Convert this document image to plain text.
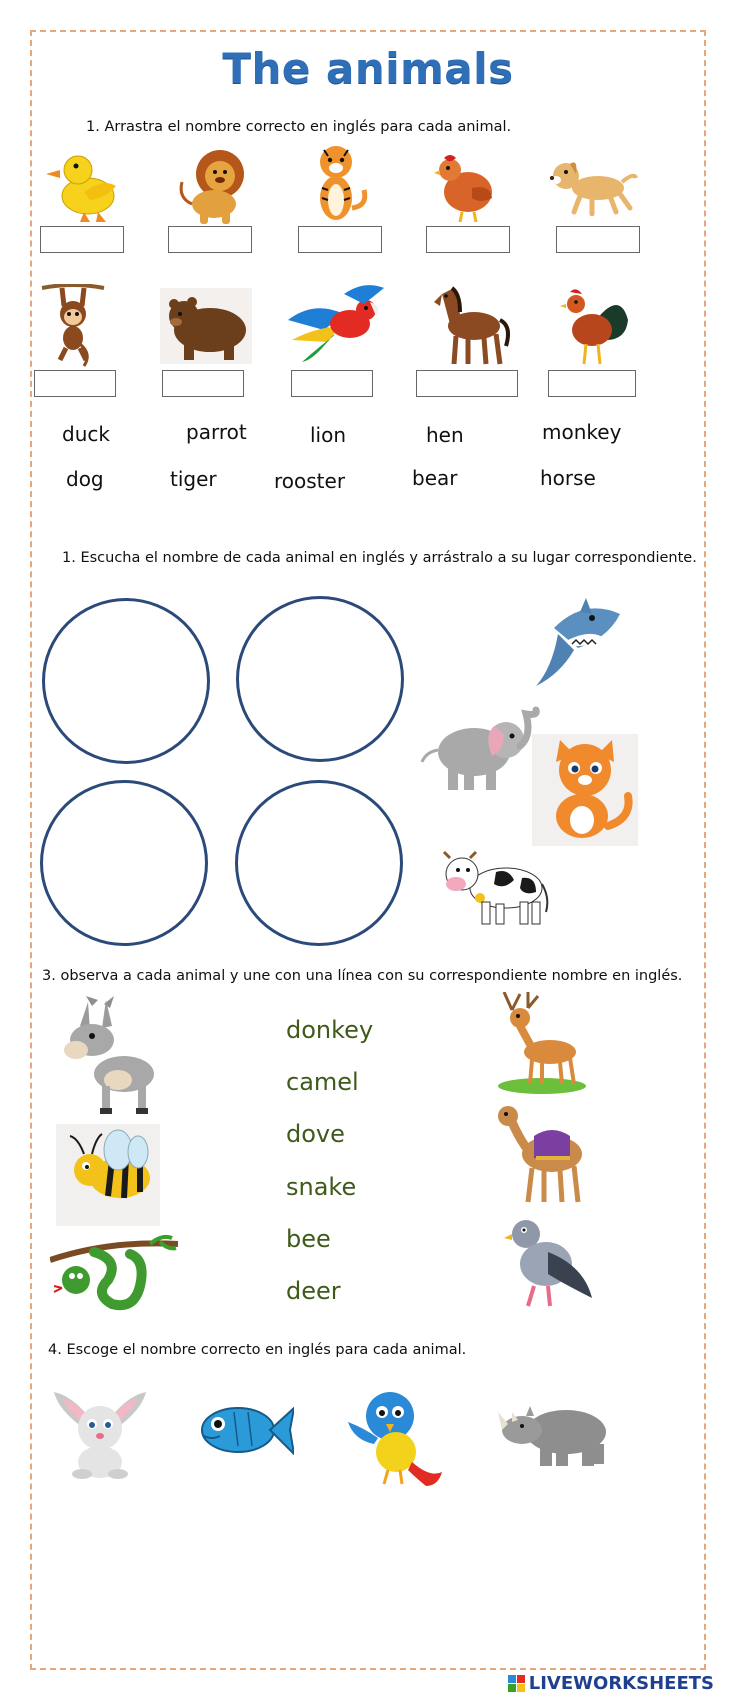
The animals
1. Arrastra el nombre correcto en inglés para cada animal.
duck	parrot	lion	hen	monkey
dog	tiger	rooster	bear	horse
1. Escucha el nombre de cada animal en inglés y arrástralo a su lugar correspondiente.
3. observa a cada animal y une con una línea con su correspondiente nombre en inglés.
donkey
camel
dove
snake
bee
deer
4. Escoge el nombre correcto en inglés para cada animal.
LIVEWORKSHEETS
